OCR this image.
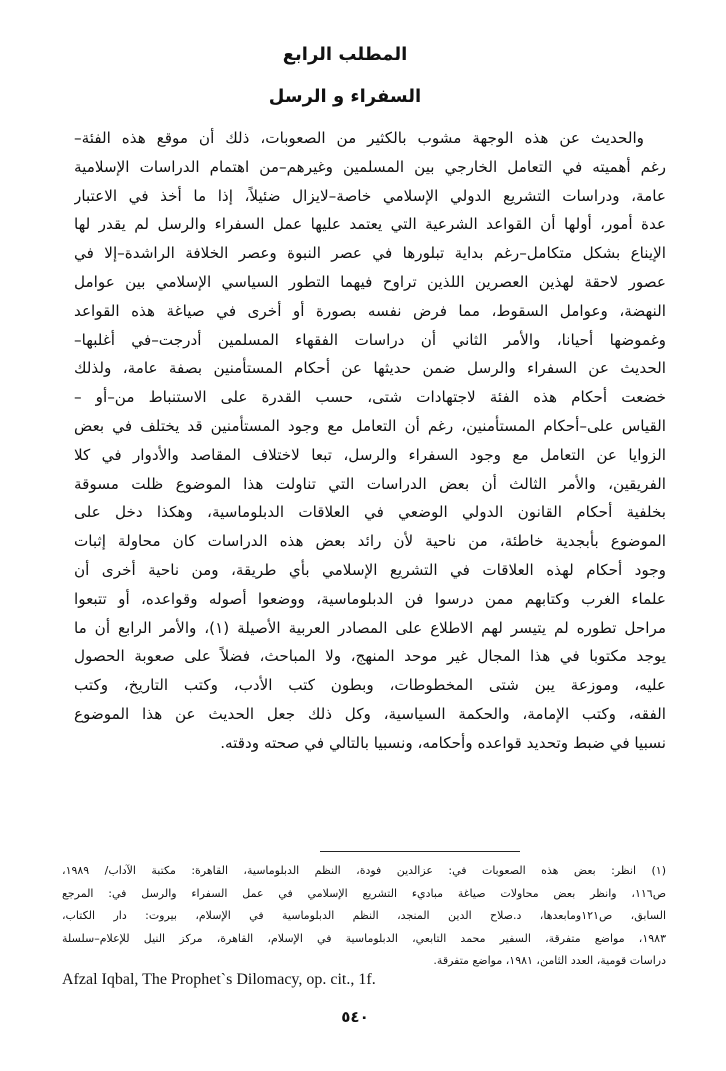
المطلب الرابع
السفراء و الرسل
والحديث عن هذه الوجهة مشوب بالكثير من الصعوبات، ذلك أن موقع هذه الفئة–
رغم أهميته في التعامل الخارجي بين المسلمين وغيرهم–من اهتمام الدراسات الإسلامية
عامة، ودراسات التشريع الدولي الإسلامي خاصة–لايزال ضئيلاً، إذا ما أخذ في الاعتبار
عدة أمور، أولها أن القواعد الشرعية التي يعتمد عليها عمل السفراء والرسل لم يقدر لها
الإيناع بشكل متكامل–رغم بداية تبلورها في عصر النبوة وعصر الخلافة الراشدة–إلا في
عصور لاحقة لهذين العصرين اللذين تراوح فيهما التطور السياسي الإسلامي بين عوامل
النهضة، وعوامل السقوط، مما فرض نفسه بصورة أو أخرى في صياغة هذه القواعد
وغموضها أحيانا، والأمر الثاني أن دراسات الفقهاء المسلمين أدرجت–في أغلبها–
الحديث عن السفراء والرسل ضمن حديثها عن أحكام المستأمنين بصفة عامة، ولذلك
خضعت أحكام هذه الفئة لاجتهادات شتى، حسب القدرة على الاستنباط من–أو –
القياس على–أحكام المستأمنين، رغم أن التعامل مع وجود المستأمنين قد يختلف في بعض
الزوايا عن التعامل مع وجود السفراء والرسل، تبعا لاختلاف المقاصد والأدوار في كلا
الفريقين، والأمر الثالث أن بعض الدراسات التي تناولت هذا الموضوع ظلت مسوقة
بخلفية أحكام القانون الدولي الوضعي في العلاقات الدبلوماسية، وهكذا دخل على
الموضوع بأبجدية خاطئة، من ناحية لأن رائد بعض هذه الدراسات كان محاولة إثبات
وجود أحكام لهذه العلاقات في التشريع الإسلامي بأي طريقة، ومن ناحية أخرى أن
علماء الغرب وكتابهم ممن درسوا فن الدبلوماسية، ووضعوا أصوله وقواعده، أو تتبعوا
مراحل تطوره لم يتيسر لهم الاطلاع على المصادر العربية الأصيلة (١)، والأمر الرابع أن ما
يوجد مكتوبا في هذا المجال غير موحد المنهج، ولا المباحث، فضلاً على صعوبة الحصول
عليه، وموزعة يبن شتى المخطوطات، وبطون كتب الأدب، وكتب التاريخ، وكتب
الفقه، وكتب الإمامة، والحكمة السياسية، وكل ذلك جعل الحديث عن هذا الموضوع
نسبيا في ضبط وتحديد قواعده وأحكامه، ونسبيا بالتالي في صحته ودقته.
(١) انظر: بعض هذه الصعوبات في: عزالدين فودة، النظم الدبلوماسية، القاهرة: مكتبة الآداب/ ١٩٨٩،
ص١١٦، وانظر بعض محاولات صياغة مباديء التشريع الإسلامي في عمل السفراء والرسل في: المرجع
السابق، ص١٢١ومابعدها، د.صلاح الدين المنجد، النظم الدبلوماسية في الإسلام، بيروت: دار الكتاب،
١٩٨٣، مواضع متفرقة، السفير محمد التابعي، الدبلوماسية في الإسلام، القاهرة، مركز النيل للإعلام–سلسلة
دراسات قومية، العدد الثامن، ١٩٨١، مواضع متفرقة.
Afzal Iqbal, The Prophet`s Dilomacy, op. cit., 1f.
٥٤٠
